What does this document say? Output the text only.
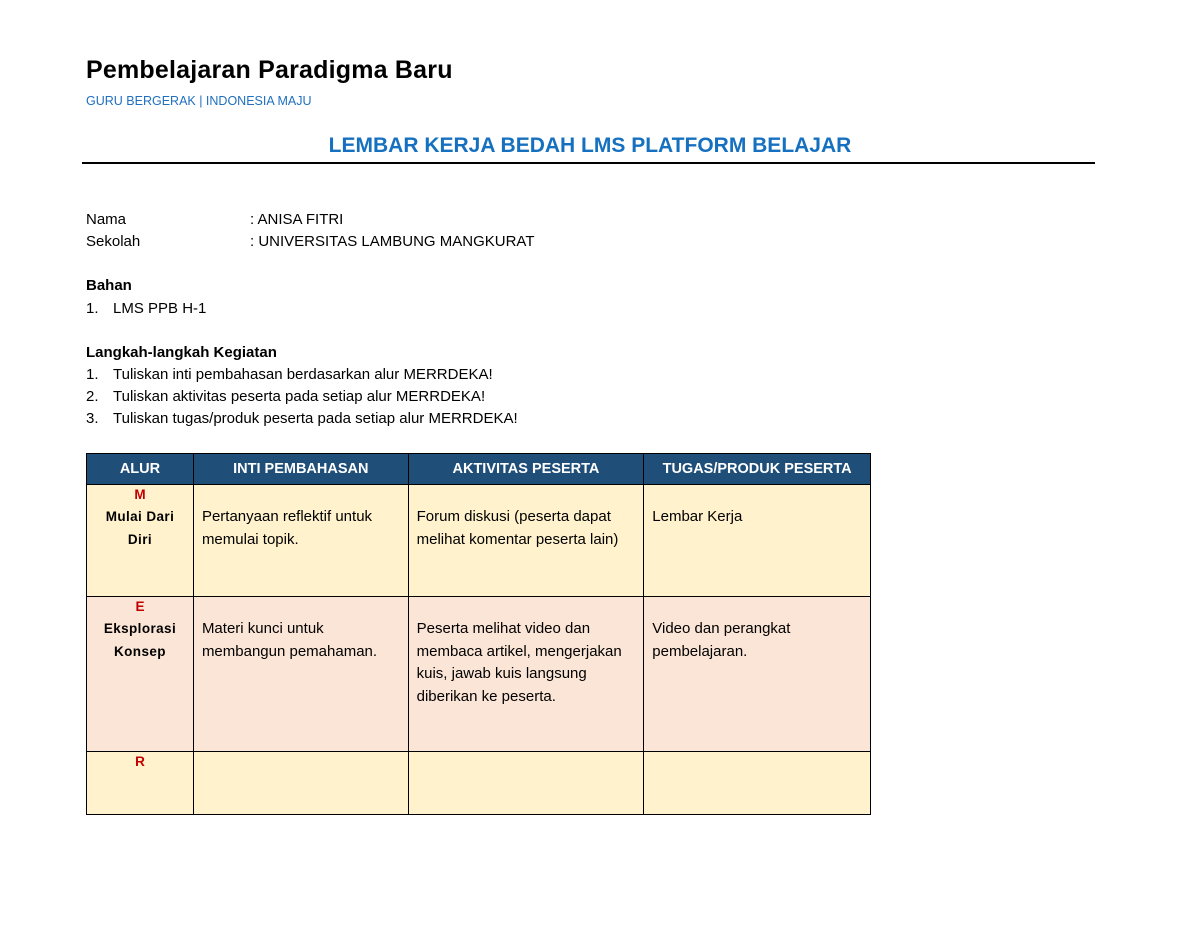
Pembelajaran Paradigma Baru
GURU BERGERAK | INDONESIA MAJU
LEMBAR KERJA BEDAH LMS PLATFORM BELAJAR
Nama	: ANISA FITRI
Sekolah	: UNIVERSITAS LAMBUNG MANGKURAT
Bahan
1. LMS PPB H-1
Langkah-langkah Kegiatan
1. Tuliskan inti pembahasan berdasarkan alur MERRDEKA!
2. Tuliskan aktivitas peserta pada setiap alur MERRDEKA!
3. Tuliskan tugas/produk peserta pada setiap alur MERRDEKA!
ALUR	INTI PEMBAHASAN	AKTIVITAS PESERTA	TUGAS/PRODUK PESERTA

M
Mulai Dari
Diri	Pertanyaan reflektif untuk memulai topik.	Forum diskusi (peserta dapat melihat komentar peserta lain)	Lembar Kerja

E
Eksplorasi
Konsep	Materi kunci untuk membangun pemahaman.	Peserta melihat video dan membaca artikel, mengerjakan kuis, jawab kuis langsung diberikan ke peserta.	Video dan perangkat pembelajaran.

R			
